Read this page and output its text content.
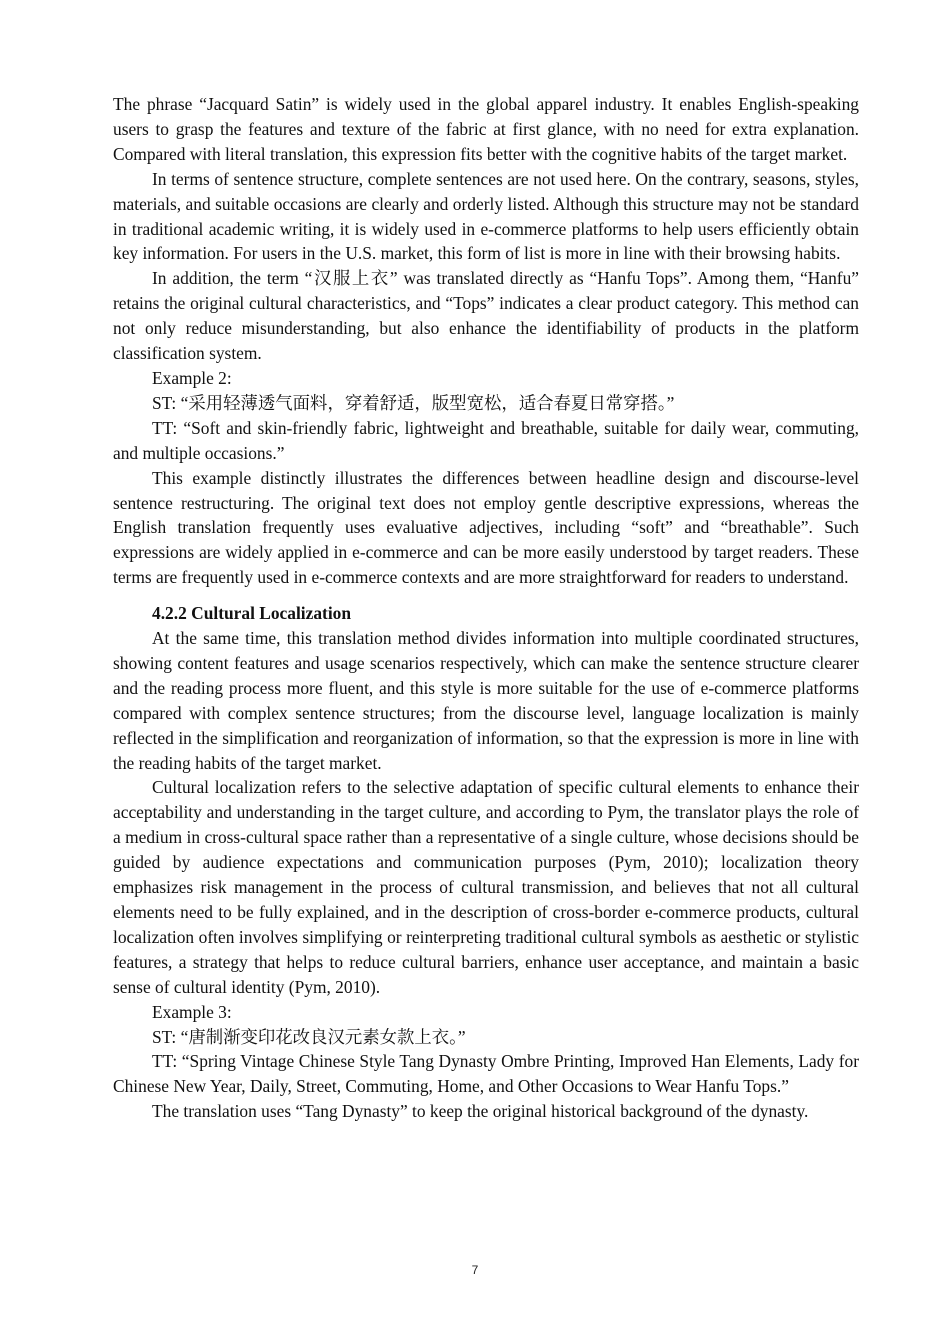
The phrase “Jacquard Satin” is widely used in the global apparel industry. It enables English-speaking users to grasp the features and texture of the fabric at first glance, with no need for extra explanation. Compared with literal translation, this expression fits better with the cognitive habits of the target market.

In terms of sentence structure, complete sentences are not used here. On the contrary, seasons, styles, materials, and suitable occasions are clearly and orderly listed. Although this structure may not be standard in traditional academic writing, it is widely used in e-commerce platforms to help users efficiently obtain key information. For users in the U.S. market, this form of list is more in line with their browsing habits.

In addition, the term “汉服上衣” was translated directly as “Hanfu Tops”. Among them, “Hanfu” retains the original cultural characteristics, and “Tops” indicates a clear product category. This method can not only reduce misunderstanding, but also enhance the identifiability of products in the platform classification system.

Example 2:

ST: “采用轻薄透气面料，穿着舒适，版型宽松，适合春夏日常穿搭。”

TT: “Soft and skin-friendly fabric, lightweight and breathable, suitable for daily wear, commuting, and multiple occasions.”

This example distinctly illustrates the differences between headline design and discourse-level sentence restructuring. The original text does not employ gentle descriptive expressions, whereas the English translation frequently uses evaluative adjectives, including “soft” and “breathable”. Such expressions are widely applied in e-commerce and can be more easily understood by target readers. These terms are frequently used in e-commerce contexts and are more straightforward for readers to understand.

4.2.2 Cultural Localization

At the same time, this translation method divides information into multiple coordinated structures, showing content features and usage scenarios respectively, which can make the sentence structure clearer and the reading process more fluent, and this style is more suitable for the use of e-commerce platforms compared with complex sentence structures; from the discourse level, language localization is mainly reflected in the simplification and reorganization of information, so that the expression is more in line with the reading habits of the target market.

Cultural localization refers to the selective adaptation of specific cultural elements to enhance their acceptability and understanding in the target culture, and according to Pym, the translator plays the role of a medium in cross-cultural space rather than a representative of a single culture, whose decisions should be guided by audience expectations and communication purposes (Pym, 2010); localization theory emphasizes risk management in the process of cultural transmission, and believes that not all cultural elements need to be fully explained, and in the description of cross-border e-commerce products, cultural localization often involves simplifying or reinterpreting traditional cultural symbols as aesthetic or stylistic features, a strategy that helps to reduce cultural barriers, enhance user acceptance, and maintain a basic sense of cultural identity (Pym, 2010).

Example 3:

ST: “唐制渐变印花改良汉元素女款上衣。”

TT: “Spring Vintage Chinese Style Tang Dynasty Ombre Printing, Improved Han Elements, Lady for Chinese New Year, Daily, Street, Commuting, Home, and Other Occasions to Wear Hanfu Tops.”

The translation uses “Tang Dynasty” to keep the original historical background of the dynasty.

7
